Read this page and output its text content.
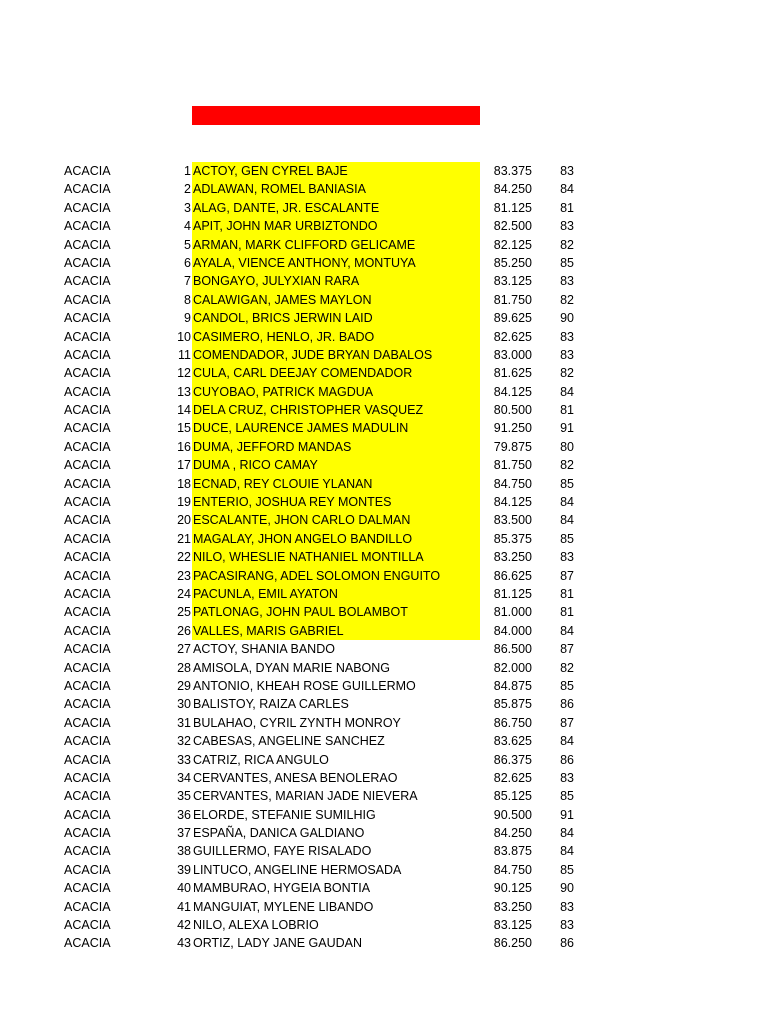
ACACIA	1 ACTOY, GEN CYREL BAJE	83.375	83
ACACIA	2 ADLAWAN, ROMEL BANIASIA	84.250	84
ACACIA	3 ALAG, DANTE, JR. ESCALANTE	81.125	81
ACACIA	4 APIT, JOHN MAR URBIZTONDO	82.500	83
ACACIA	5 ARMAN, MARK CLIFFORD GELICAME	82.125	82
ACACIA	6 AYALA, VIENCE ANTHONY, MONTUYA	85.250	85
ACACIA	7 BONGAYO, JULYXIAN RARA	83.125	83
ACACIA	8 CALAWIGAN, JAMES MAYLON	81.750	82
ACACIA	9 CANDOL, BRICS JERWIN LAID	89.625	90
ACACIA	10 CASIMERO, HENLO, JR. BADO	82.625	83
ACACIA	11 COMENDADOR, JUDE BRYAN DABALOS	83.000	83
ACACIA	12 CULA, CARL DEEJAY COMENDADOR	81.625	82
ACACIA	13 CUYOBAO, PATRICK MAGDUA	84.125	84
ACACIA	14 DELA CRUZ, CHRISTOPHER VASQUEZ	80.500	81
ACACIA	15 DUCE, LAURENCE JAMES MADULIN	91.250	91
ACACIA	16 DUMA, JEFFORD MANDAS	79.875	80
ACACIA	17 DUMA , RICO CAMAY	81.750	82
ACACIA	18 ECNAD, REY CLOUIE YLANAN	84.750	85
ACACIA	19 ENTERIO, JOSHUA REY MONTES	84.125	84
ACACIA	20 ESCALANTE, JHON CARLO DALMAN	83.500	84
ACACIA	21 MAGALAY, JHON ANGELO BANDILLO	85.375	85
ACACIA	22 NILO, WHESLIE NATHANIEL MONTILLA	83.250	83
ACACIA	23 PACASIRANG, ADEL SOLOMON ENGUITO	86.625	87
ACACIA	24 PACUNLA, EMIL AYATON	81.125	81
ACACIA	25 PATLONAG, JOHN PAUL BOLAMBOT	81.000	81
ACACIA	26 VALLES, MARIS GABRIEL	84.000	84
ACACIA	27 ACTOY, SHANIA BANDO	86.500	87
ACACIA	28 AMISOLA, DYAN MARIE NABONG	82.000	82
ACACIA	29 ANTONIO, KHEAH ROSE GUILLERMO	84.875	85
ACACIA	30 BALISTOY, RAIZA CARLES	85.875	86
ACACIA	31 BULAHAO, CYRIL ZYNTH MONROY	86.750	87
ACACIA	32 CABESAS, ANGELINE SANCHEZ	83.625	84
ACACIA	33 CATRIZ, RICA ANGULO	86.375	86
ACACIA	34 CERVANTES, ANESA BENOLERAO	82.625	83
ACACIA	35 CERVANTES, MARIAN JADE NIEVERA	85.125	85
ACACIA	36 ELORDE, STEFANIE SUMILHIG	90.500	91
ACACIA	37 ESPAÑA, DANICA GALDIANO	84.250	84
ACACIA	38 GUILLERMO, FAYE RISALADO	83.875	84
ACACIA	39 LINTUCO, ANGELINE HERMOSADA	84.750	85
ACACIA	40 MAMBURAO, HYGEIA BONTIA	90.125	90
ACACIA	41 MANGUIAT, MYLENE LIBANDO	83.250	83
ACACIA	42 NILO, ALEXA LOBRIO	83.125	83
ACACIA	43 ORTIZ, LADY JANE GAUDAN	86.250	86
